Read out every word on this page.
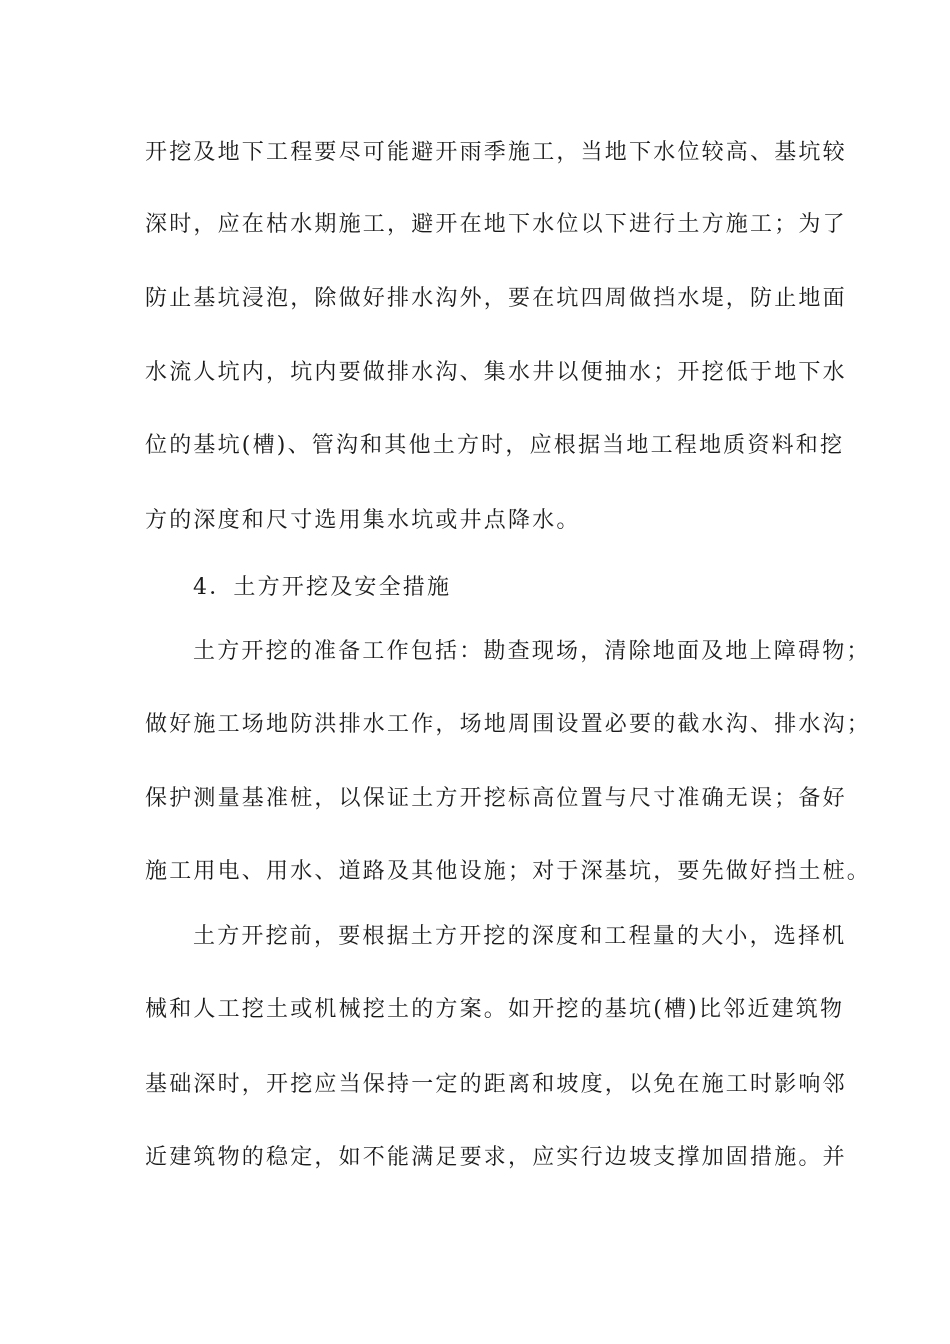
开挖及地下工程要尽可能避开雨季施工，当地下水位较高、基坑较
深时，应在枯水期施工，避开在地下水位以下进行土方施工；为了
防止基坑浸泡，除做好排水沟外，要在坑四周做挡水堤，防止地面
水流人坑内，坑内要做排水沟、集水井以便抽水；开挖低于地下水
位的基坑(槽)、管沟和其他土方时，应根据当地工程地质资料和挖
方的深度和尺寸选用集水坑或井点降水。
4．土方开挖及安全措施
土方开挖的准备工作包括：勘查现场，清除地面及地上障碍物；
做好施工场地防洪排水工作，场地周围设置必要的截水沟、排水沟；
保护测量基准桩，以保证土方开挖标高位置与尺寸准确无误；备好
施工用电、用水、道路及其他设施；对于深基坑，要先做好挡土桩。
土方开挖前，要根据土方开挖的深度和工程量的大小，选择机
械和人工挖土或机械挖土的方案。如开挖的基坑(槽)比邻近建筑物
基础深时，开挖应当保持一定的距离和坡度，以免在施工时影响邻
近建筑物的稳定，如不能满足要求，应实行边坡支撑加固措施。并
